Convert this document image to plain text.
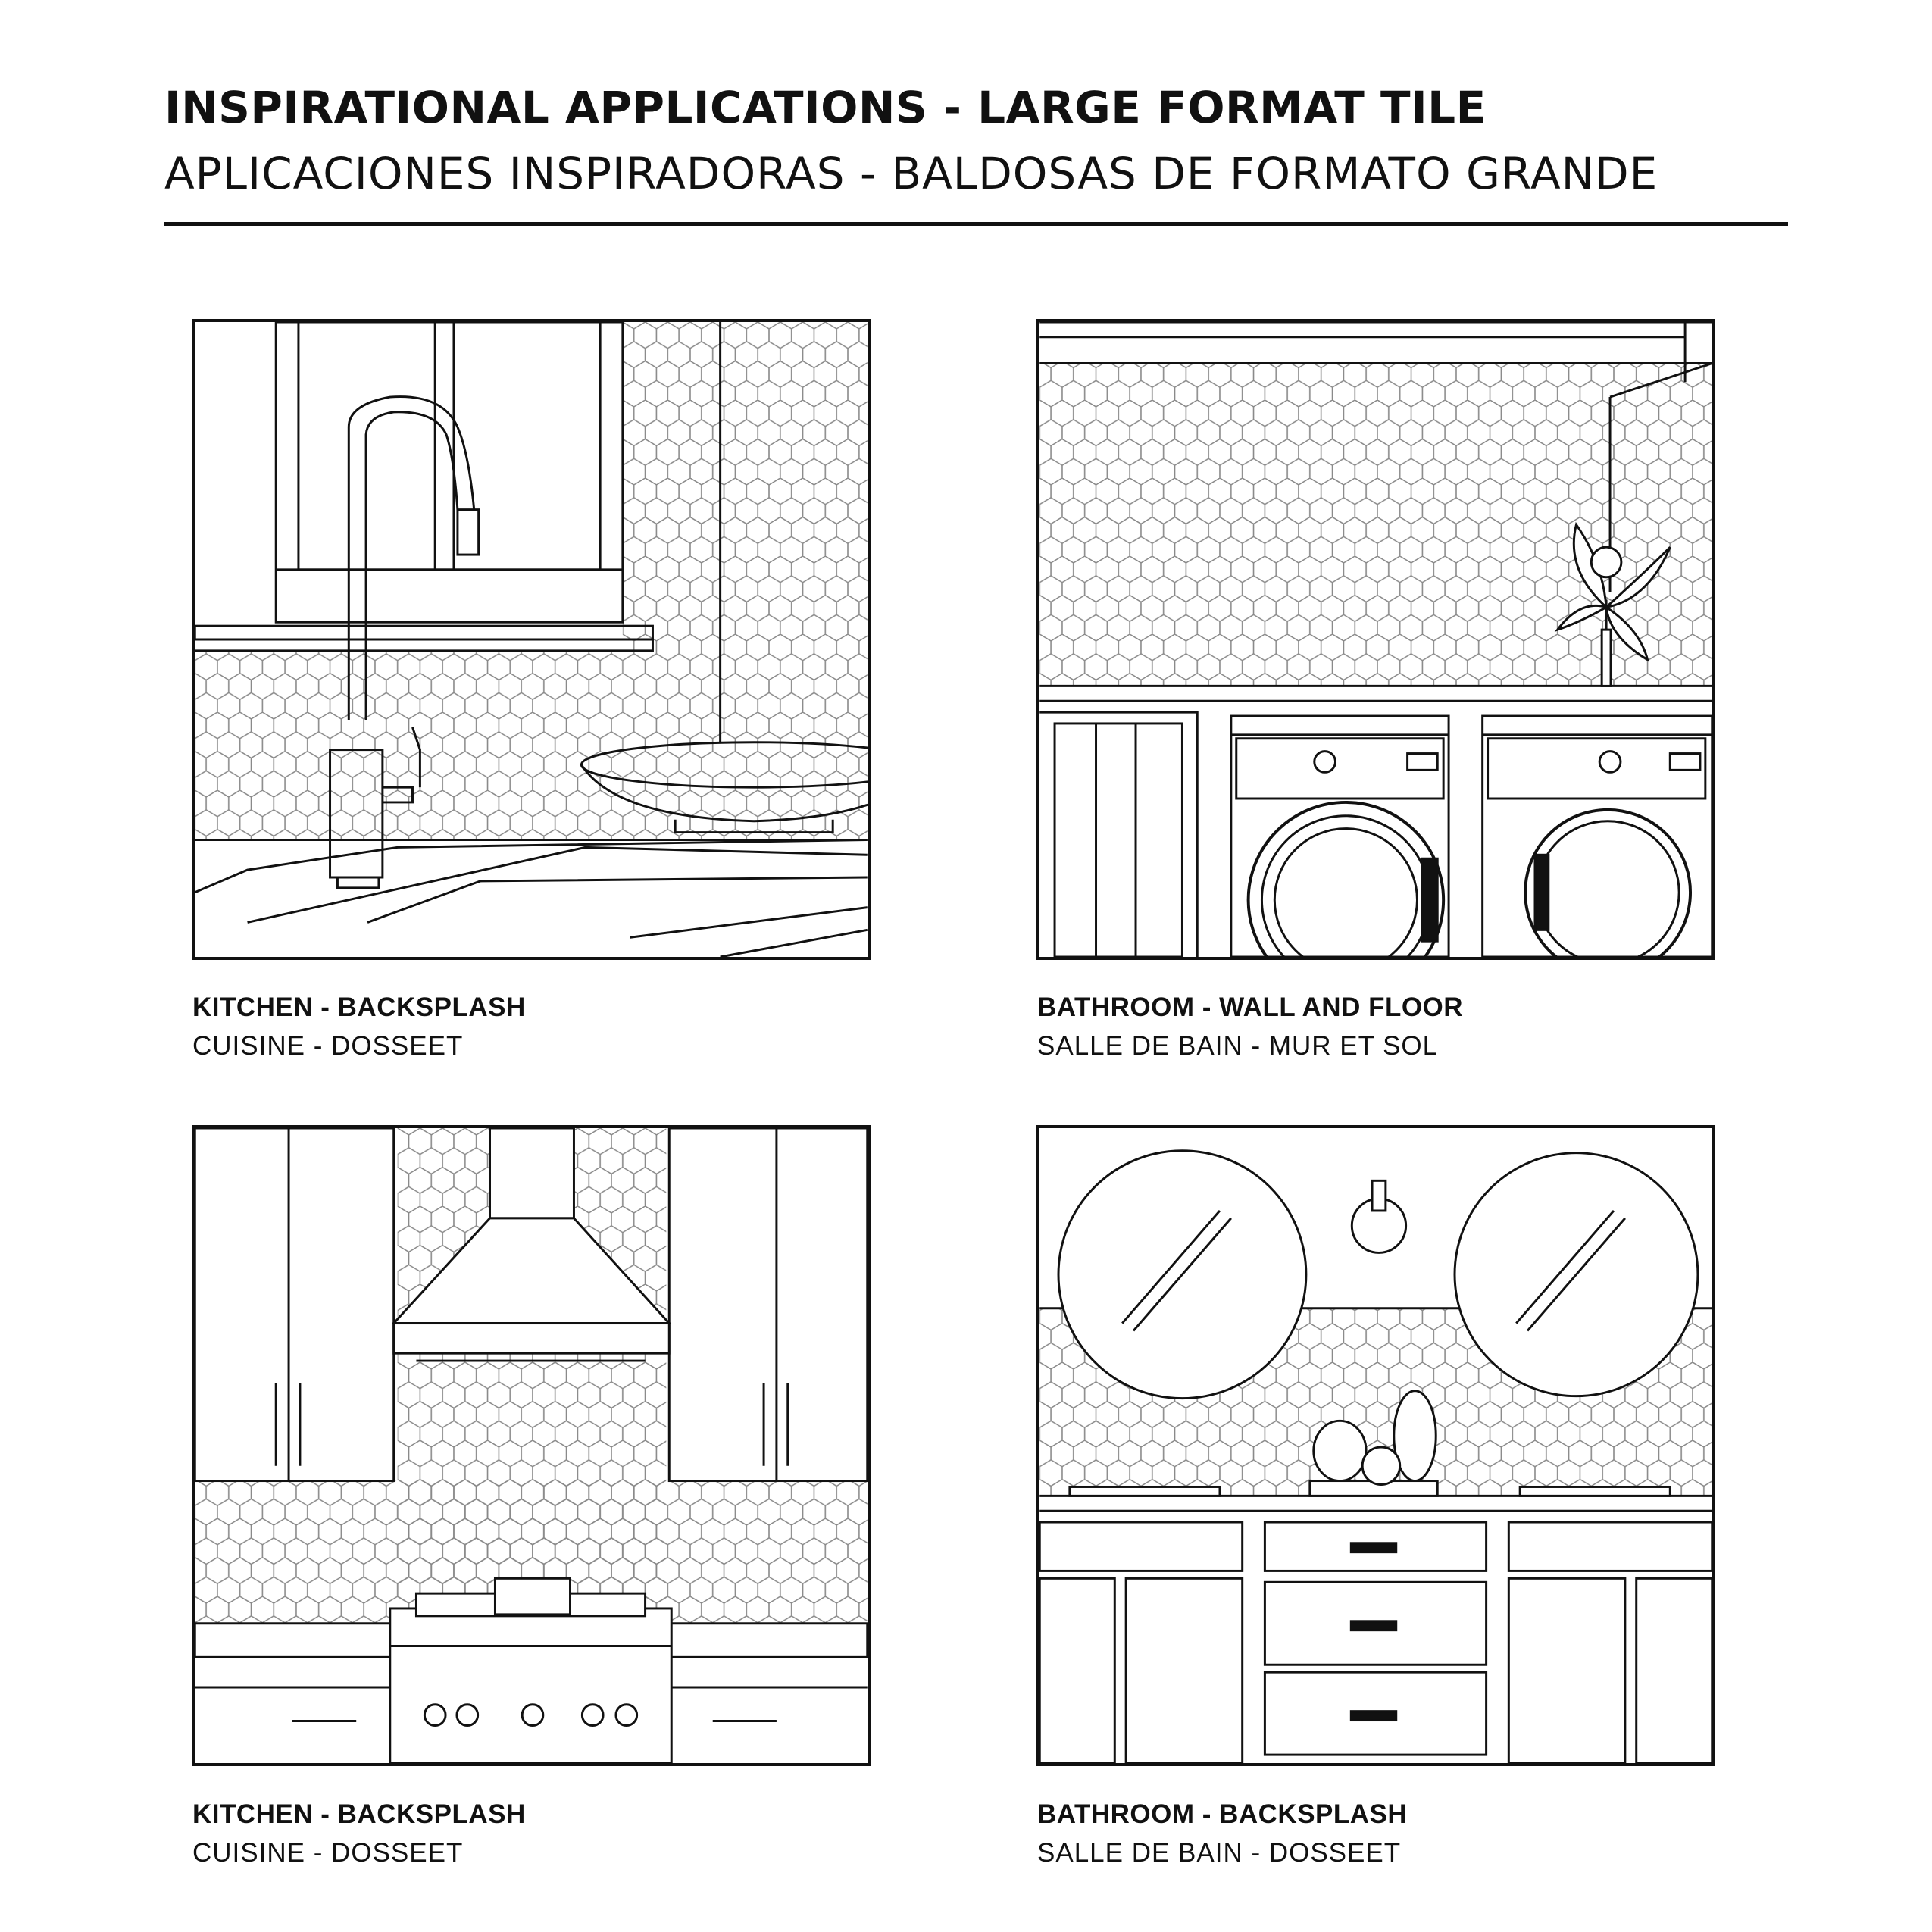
INSPIRATIONAL APPLICATIONS - LARGE FORMAT TILE
APLICACIONES INSPIRADORAS - BALDOSAS DE FORMATO GRANDE
KITCHEN - BACKSPLASH
CUISINE - DOSSEET
BATHROOM - WALL AND FLOOR
SALLE DE BAIN - MUR ET SOL
KITCHEN - BACKSPLASH
CUISINE - DOSSEET
BATHROOM - BACKSPLASH
SALLE DE BAIN - DOSSEET
